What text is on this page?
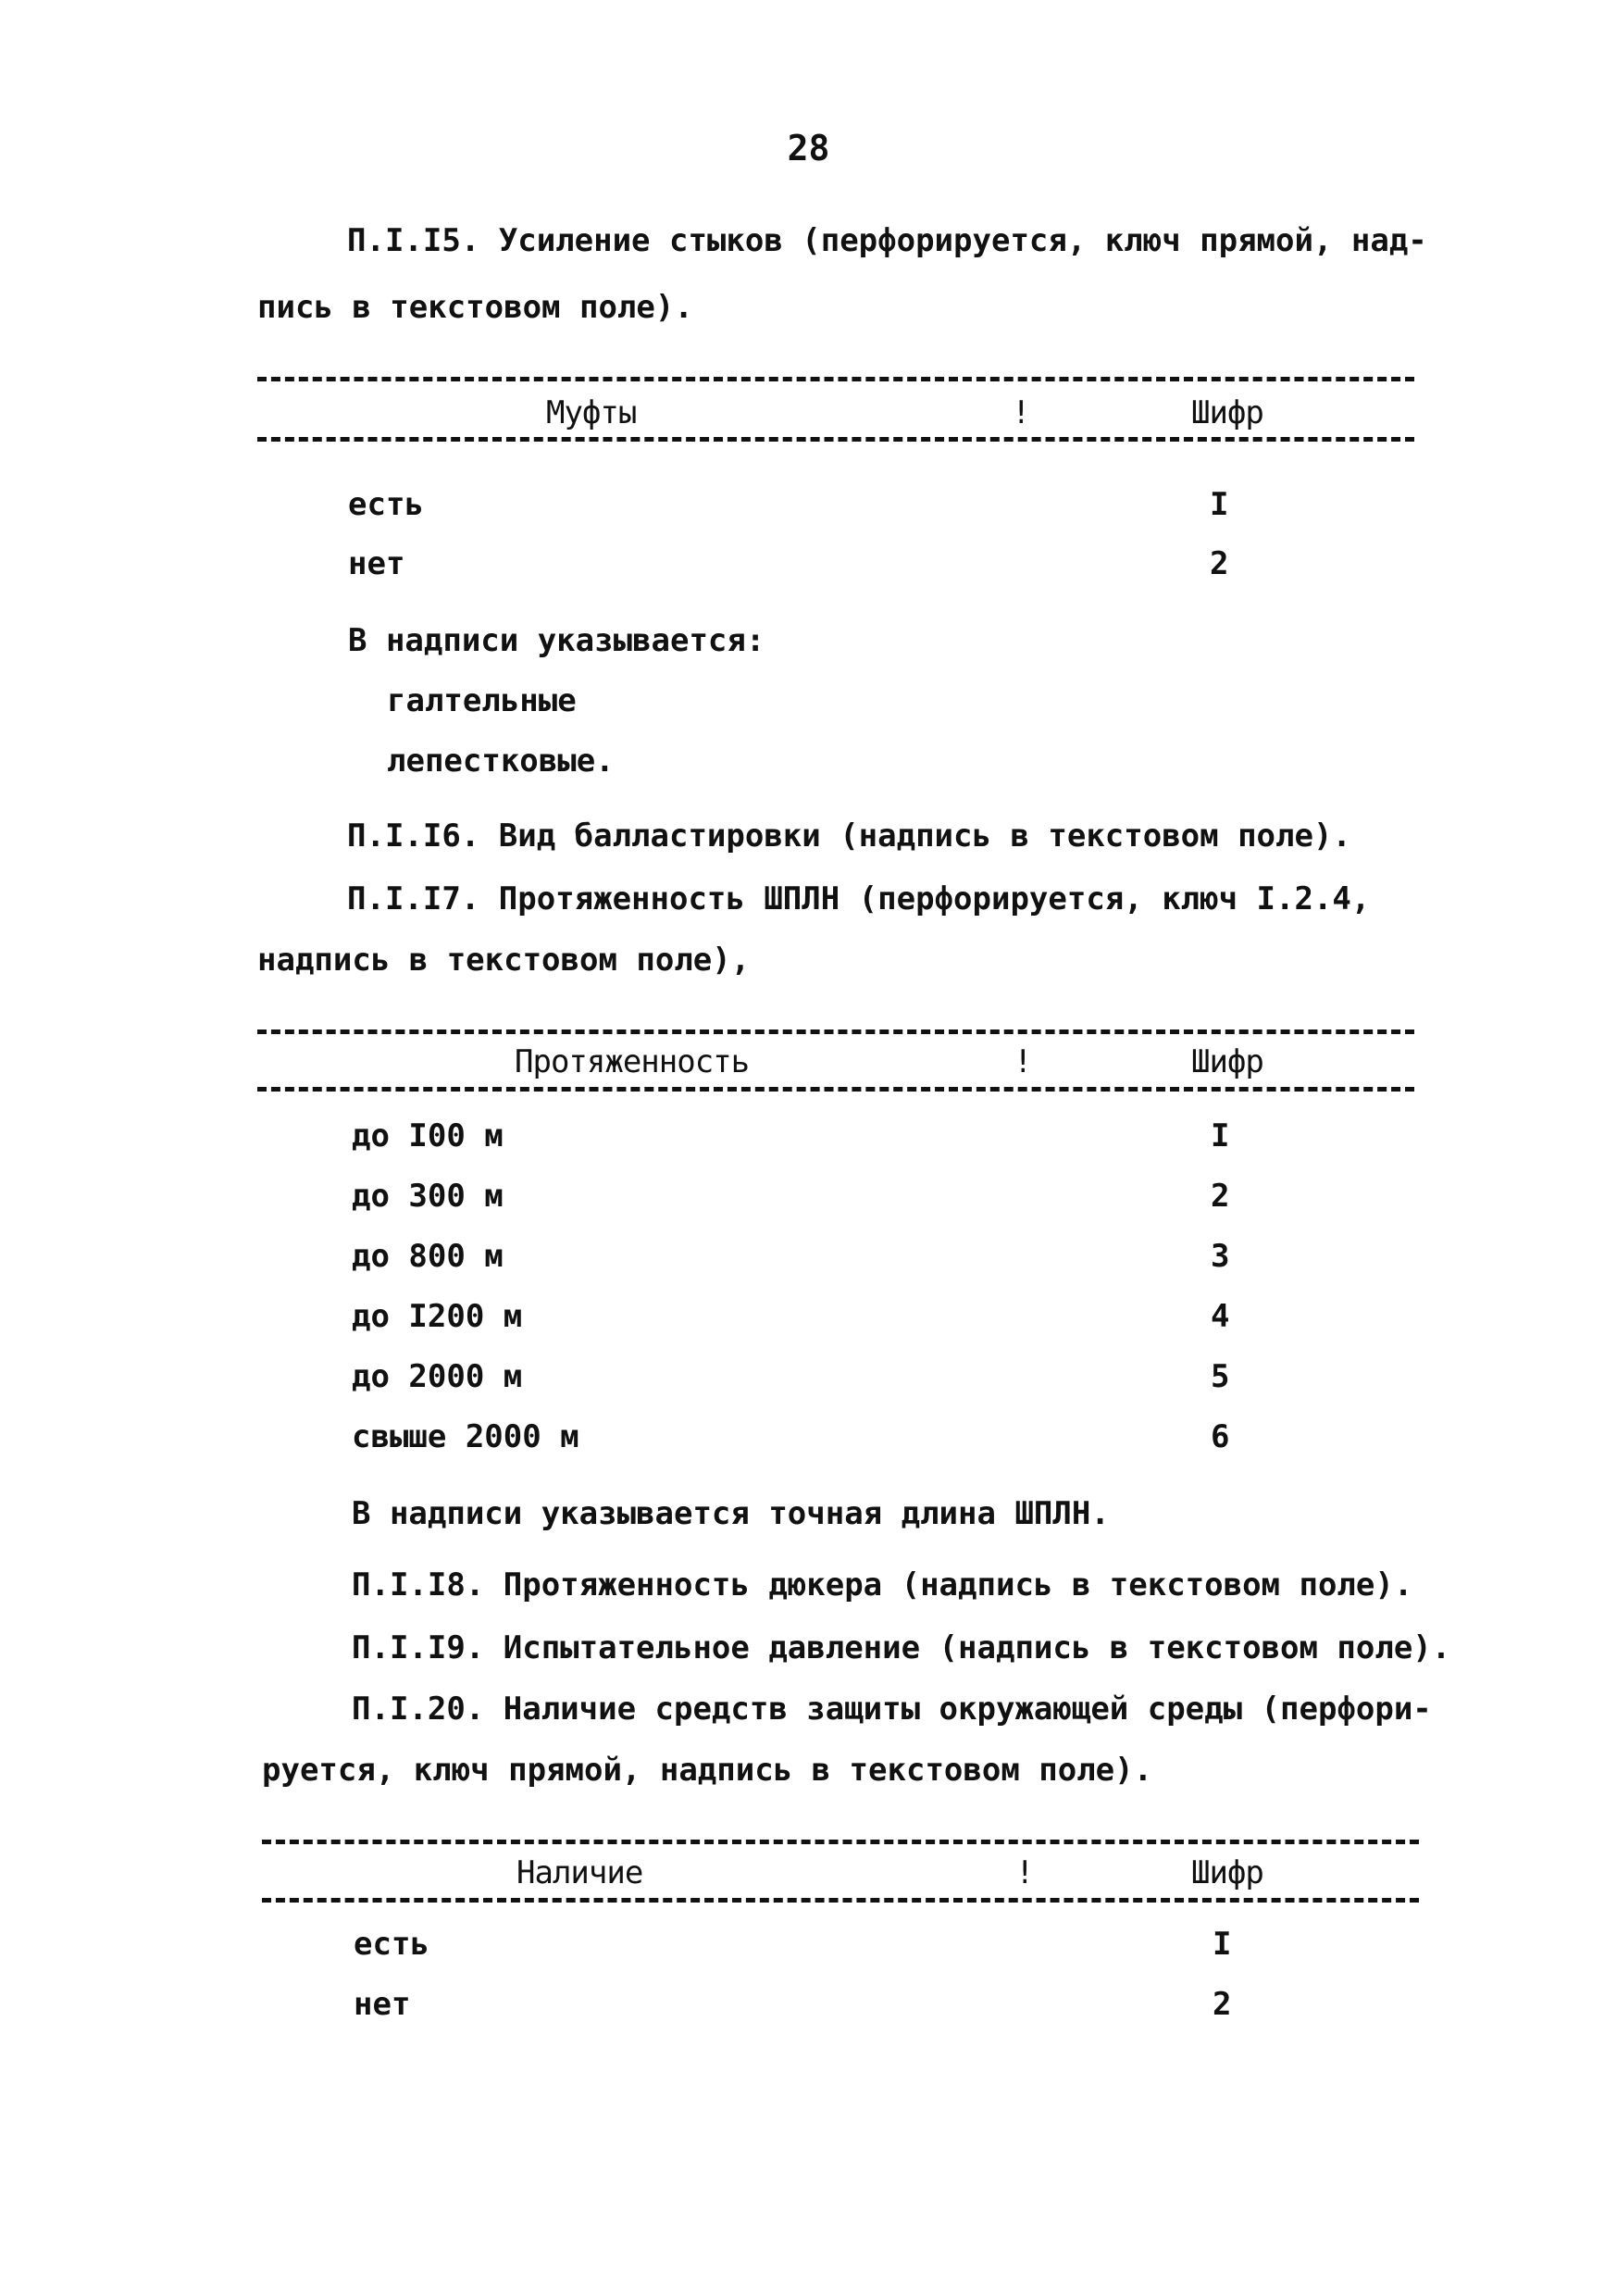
28
П.I.I5. Усиление стыков (перфорируется, ключ прямой, над-
пись в текстовом поле).
Муфты	!	Шифр
есть	I
нет	2
В надписи указывается:
галтельные
лепестковые.
П.I.I6. Вид балластировки (надпись в текстовом поле).
П.I.I7. Протяженность ШПЛН (перфорируется, ключ I.2.4,
надпись в текстовом поле),
Протяженность	!	Шифр
до I00 м	I
до 300 м	2
до 800 м	3
до I200 м	4
до 2000 м	5
свыше 2000 м	6
В надписи указывается точная длина ШПЛН.
П.I.I8. Протяженность дюкера (надпись в текстовом поле).
П.I.I9. Испытательное давление (надпись в текстовом поле).
П.I.20. Наличие средств защиты окружающей среды (перфори-
руется, ключ прямой, надпись в текстовом поле).
Наличие	!	Шифр
есть	I
нет	2
